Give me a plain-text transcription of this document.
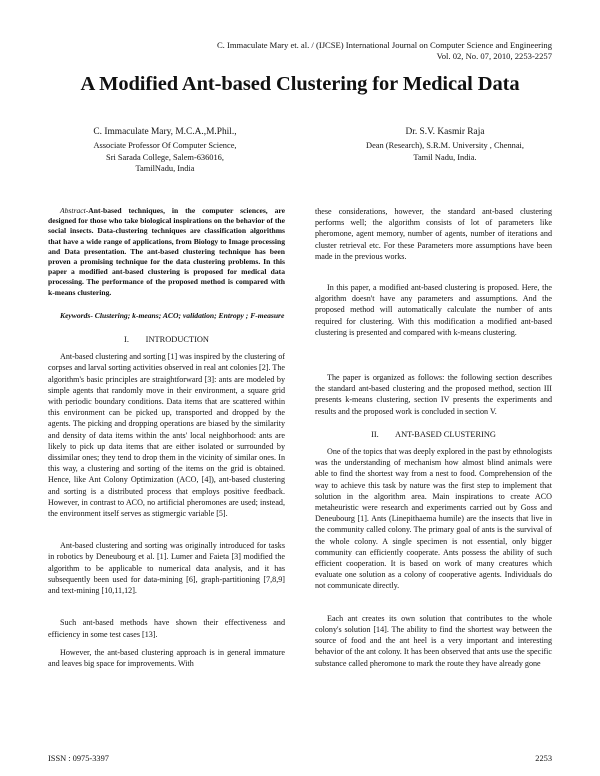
C. Immaculate Mary et. al. / (IJCSE) International Journal on Computer Science and Engineering
Vol. 02, No. 07, 2010, 2253-2257
A Modified Ant-based Clustering for Medical Data
C. Immaculate Mary, M.C.A.,M.Phil.,
Associate Professor Of Computer Science,
Sri Sarada College, Salem-636016,
TamilNadu, India
Dr. S.V. Kasmir Raja
Dean (Research), S.R.M. University , Chennai,
Tamil Nadu, India.

Abstract-Ant-based techniques, in the computer sciences, are designed for those who take biological inspirations on the behavior of the social insects. Data-clustering techniques are classification algorithms that have a wide range of applications, from Biology to Image processing and Data presentation. The ant-based clustering technique has been proven a promising technique for the data clustering problems. In this paper a modified ant-based clustering is proposed for medical data processing. The performance of the proposed method is compared with k-means clustering.

Keywords- Clustering; k-means; ACO; validation; Entropy ; F-measure

I.        INTRODUCTION

Ant-based clustering and sorting [1] was inspired by the clustering of corpses and larval sorting activities observed in real ant colonies [2]. The algorithm's basic principles are straightforward [3]: ants are modeled by simple agents that randomly move in their environment, a square grid with periodic boundary conditions. Data items that are scattered within this environment can be picked up, transported and dropped by the agents. The picking and dropping operations are biased by the similarity and density of data items within the ants' local neighborhood: ants are likely to pick up data items that are either isolated or surrounded by dissimilar ones; they tend to drop them in the vicinity of similar ones. In this way, a clustering and sorting of the items on the grid is obtained. Hence, like Ant Colony Optimization (ACO, [4]), ant-based clustering and sorting is a distributed process that employs positive feedback. However, in contrast to ACO, no artificial pheromones are used; instead, the environment itself serves as stigmergic variable [5].

Ant-based clustering and sorting was originally introduced for tasks in robotics by Deneubourg et al. [1]. Lumer and Faieta [3] modified the algorithm to be applicable to numerical data analysis, and it has subsequently been used for data-mining [6], graph-partitioning [7,8,9] and text-mining [10,11,12].

Such ant-based methods have shown their effectiveness and efficiency in some test cases [13].

However, the ant-based clustering approach is in general immature and leaves big space for improvements. With

these considerations, however, the standard ant-based clustering performs well; the algorithm consists of lot of parameters like pheromone, agent memory, number of agents, number of iterations and cluster retrieval etc. For these Parameters more assumptions have been made in the previous works.

In this paper, a modified ant-based clustering is proposed. Here, the algorithm doesn't have any parameters and assumptions. And the proposed method will automatically calculate the number of ants required for clustering. With this modification a modified ant-based clustering is presented and compared with k-means clustering.

The paper is organized as follows: the following section describes the standard ant-based clustering and the proposed method, section III presents k-means clustering, section IV presents the experiments and results and the proposed work is concluded in section V.

II.        ANT-BASED CLUSTERING

One of the topics that was deeply explored in the past by ethnologists was the understanding of mechanism how almost blind animals were able to find the shortest way from a nest to food. Comprehension of the way to achieve this task by nature was the first step to implement that solution in the algorithm area. Main inspirations to create ACO metaheuristic were research and experiments carried out by Goss and Deneubourg [1]. Ants (Linepithaema humile) are the insects that live in the community called colony. The primary goal of ants is the survival of the whole colony. A single specimen is not essential, only bigger community can efficiently cooperate. Ants possess the ability of such efficient cooperation. It is based on work of many creatures which evaluate one solution as a colony of cooperative agents. Individuals do not communicate directly.

Each ant creates its own solution that contributes to the whole colony's solution [14]. The ability to find the shortest way between the source of food and the ant heel is a very important and interesting behavior of the ant colony. It has been observed that ants use the specific substance called pheromone to mark the route they have already gone

ISSN : 0975-3397	2253
